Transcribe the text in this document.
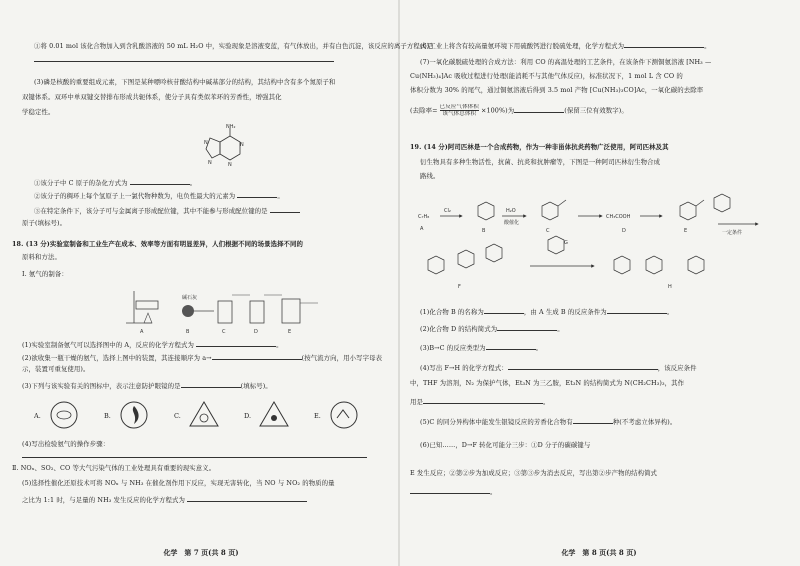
①将 0.01 mol 该化合物加入到含乳酸溶液的 50 mL H₂O 中，实验现象是溶液变蓝，有气体放出，并有白色沉淀，该反应的离子方程式是
(3)磷是核酸的重要组成元素，下图是某种嘌呤核苷酸结构中碱基部分的结构，其结构中含有多个氮原子和
双键体系。双环中单双键交替排布形成共轭体系，使分子具有类似苯环的芳香性，增强其化
学稳定性。
NH₂
N
N
N
N
①该分子中 C 原子的杂化方式为	。
②该分子的稠环上每个氢原子上一氯代物种数为，电负性最大的元素为	。
③在特定条件下，该分子可与金属离子形成配位键，其中不能参与形成配位键的是
原子(填标号)。
18. (13 分)实验室制备和工业生产在成本、效率等方面有明显差异，人们根据不同的场景选择不同的
原料和方法。
Ⅰ. 氨气的制备：
碱石灰
A	B	C	D	E
(1)实验室制备氨气可以选择图中的 A，反应的化学方程式为	。
(2)欲收集一瓶干燥的氨气，选择上图中的装置，其连接顺序为 a→	(按气流方向，用小写字母表
示，装置可重复使用)。
(3)下列与该实验有关的图标中，表示注意防护眼镜的是	(填标号)。
A.	B.	C.	D.	E.
(4)写出检验氨气的操作步骤：
Ⅱ. NOₓ、SO₂、CO 等大气污染气体的工业处理具有重要的现实意义。
(5)选择性催化还原技术可将 NOₓ 与 NH₃ 在催化剂作用下反应，实现无害转化，当 NO 与 NO₂ 的物质的量
之比为 1:1 时，与足量的 NH₃ 发生反应的化学方程式为
化学　第 7 页(共 8 页)
(6)工业上将含有较高量氨环境下用硫酸钙进行脱硫处理，化学方程式为	。
(7)一氧化碳脱硫处理的合成方法：利用 CO 的高温处理的工艺条件，在该条件下测铜氨溶液 [NH₃ —
Cu(NH₃)₄]Ac 吸收过程进行处理(能消耗不与其他气体反应)，标准状况下，1 mol L 含 CO 的
体积分数为 30% 的尾气，通过铜氨溶液后得到 3.5 mol 产物 [Cu(NH₃)₃CO]Ac，一氧化碳的去除率
(去除率= 已反应气体体积
该气体总体积 ×100%)为	(保留三位有效数字)。
19. (14 分)阿司匹林是一个合成药物，作为一种非甾体抗炎药物广泛使用，阿司匹林及其
衍生物具有多种生物活性，抗菌、抗炎和抗肿瘤等，下图是一种阿司匹林衍生物合成
路线。
C₇H₈
A
Cl₂
B
H₂O
酸催化
C
CH₃COOH
D	E	一定条件
F
G
H
(1)化合物 B 的名称为	，由 A 生成 B 的反应条件为	。
(2)化合物 D 的结构简式为	。
(3)B→C 的反应类型为	。
(4)写出 F→H 的化学方程式：	，该反应条件
中，THF 为溶剂，N₂ 为保护气体，Et₃N 为三乙胺，Et₃N 的结构简式为 N(CH₂CH₃)₃，其作
用是	。
(5)C 的同分异构体中能发生银镜反应的芳香化合物有	种(不考虑立体异构)。
(6)已知……，D→F 转化可能分三步：①D 分子的碳碳键与
E 发生反应；②第②步为加成反应；③第③步为消去反应，写出第②步产物的结构简式
。
化学　第 8 页(共 8 页)
